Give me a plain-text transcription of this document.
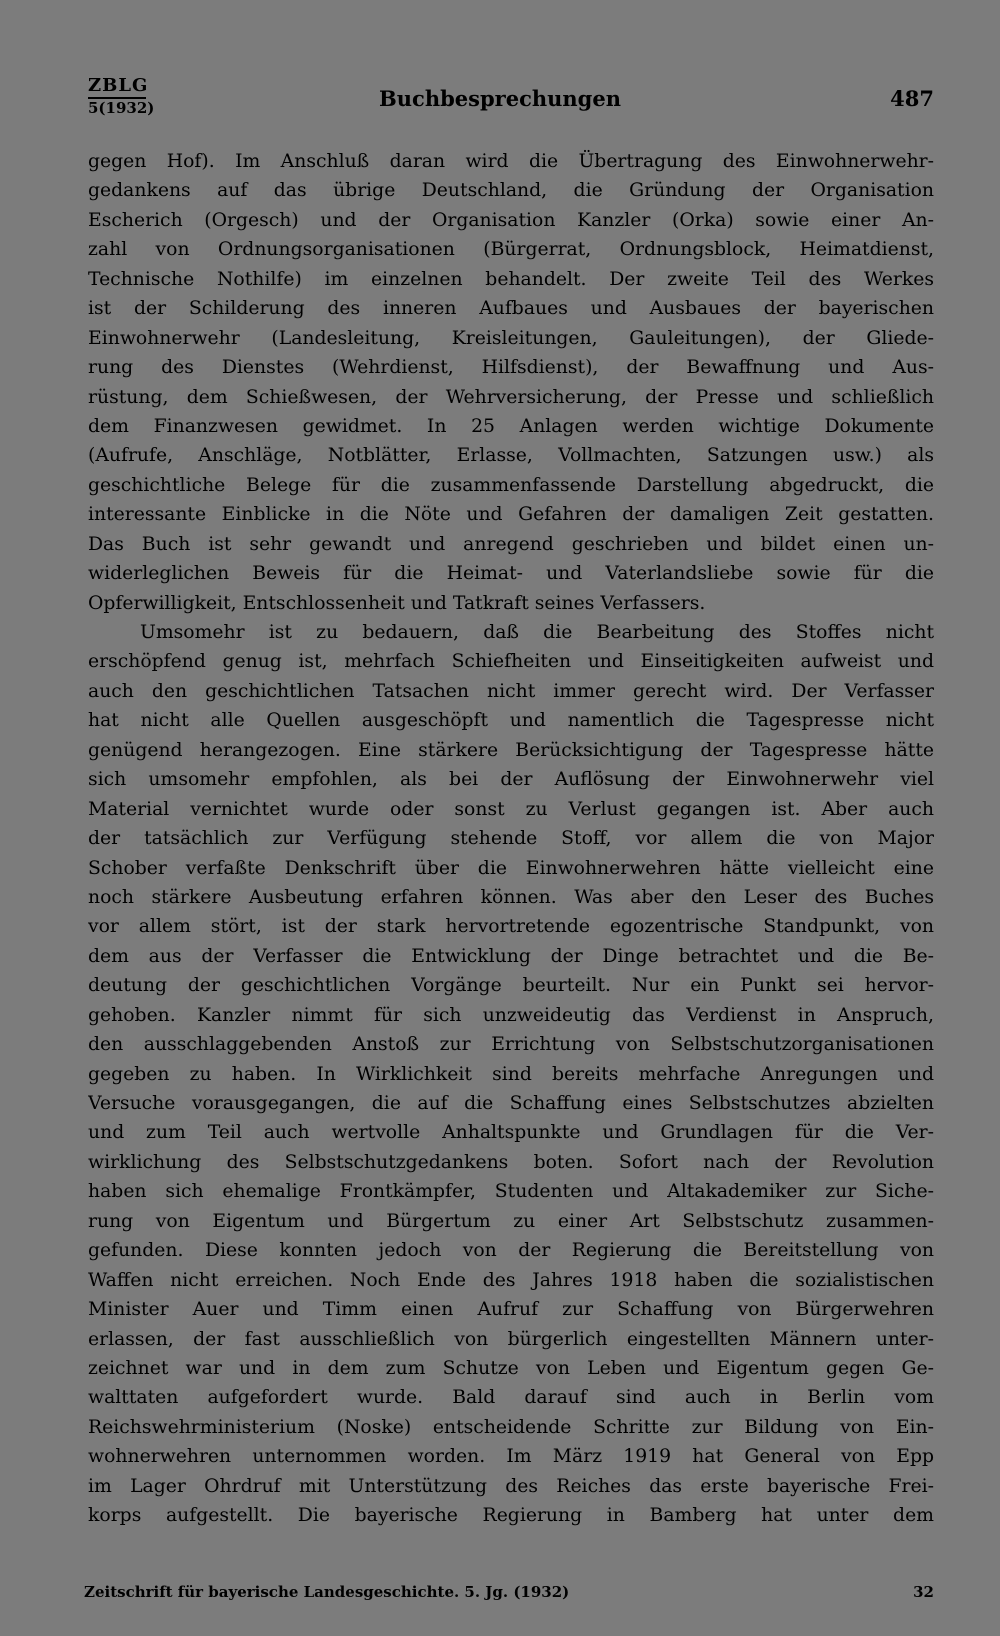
ZBLG
5(1932)	Buchbesprechungen	487
gegen Hof). Im Anschluß daran wird die Übertragung des Einwohnerwehr-
gedankens auf das übrige Deutschland, die Gründung der Organisation
Escherich (Orgesch) und der Organisation Kanzler (Orka) sowie einer An-
zahl von Ordnungsorganisationen (Bürgerrat, Ordnungsblock, Heimatdienst,
Technische Nothilfe) im einzelnen behandelt. Der zweite Teil des Werkes
ist der Schilderung des inneren Aufbaues und Ausbaues der bayerischen
Einwohnerwehr (Landesleitung, Kreisleitungen, Gauleitungen), der Gliede-
rung des Dienstes (Wehrdienst, Hilfsdienst), der Bewaffnung und Aus-
rüstung, dem Schießwesen, der Wehrversicherung, der Presse und schließlich
dem Finanzwesen gewidmet. In 25 Anlagen werden wichtige Dokumente
(Aufrufe, Anschläge, Notblätter, Erlasse, Vollmachten, Satzungen usw.) als
geschichtliche Belege für die zusammenfassende Darstellung abgedruckt, die
interessante Einblicke in die Nöte und Gefahren der damaligen Zeit gestatten.
Das Buch ist sehr gewandt und anregend geschrieben und bildet einen un-
widerleglichen Beweis für die Heimat- und Vaterlandsliebe sowie für die
Opferwilligkeit, Entschlossenheit und Tatkraft seines Verfassers.
Umsomehr ist zu bedauern, daß die Bearbeitung des Stoffes nicht
erschöpfend genug ist, mehrfach Schiefheiten und Einseitigkeiten aufweist und
auch den geschichtlichen Tatsachen nicht immer gerecht wird. Der Verfasser
hat nicht alle Quellen ausgeschöpft und namentlich die Tagespresse nicht
genügend herangezogen. Eine stärkere Berücksichtigung der Tagespresse hätte
sich umsomehr empfohlen, als bei der Auflösung der Einwohnerwehr viel
Material vernichtet wurde oder sonst zu Verlust gegangen ist. Aber auch
der tatsächlich zur Verfügung stehende Stoff, vor allem die von Major
Schober verfaßte Denkschrift über die Einwohnerwehren hätte vielleicht eine
noch stärkere Ausbeutung erfahren können. Was aber den Leser des Buches
vor allem stört, ist der stark hervortretende egozentrische Standpunkt, von
dem aus der Verfasser die Entwicklung der Dinge betrachtet und die Be-
deutung der geschichtlichen Vorgänge beurteilt. Nur ein Punkt sei hervor-
gehoben. Kanzler nimmt für sich unzweideutig das Verdienst in Anspruch,
den ausschlaggebenden Anstoß zur Errichtung von Selbstschutzorganisationen
gegeben zu haben. In Wirklichkeit sind bereits mehrfache Anregungen und
Versuche vorausgegangen, die auf die Schaffung eines Selbstschutzes abzielten
und zum Teil auch wertvolle Anhaltspunkte und Grundlagen für die Ver-
wirklichung des Selbstschutzgedankens boten. Sofort nach der Revolution
haben sich ehemalige Frontkämpfer, Studenten und Altakademiker zur Siche-
rung von Eigentum und Bürgertum zu einer Art Selbstschutz zusammen-
gefunden. Diese konnten jedoch von der Regierung die Bereitstellung von
Waffen nicht erreichen. Noch Ende des Jahres 1918 haben die sozialistischen
Minister Auer und Timm einen Aufruf zur Schaffung von Bürgerwehren
erlassen, der fast ausschließlich von bürgerlich eingestellten Männern unter-
zeichnet war und in dem zum Schutze von Leben und Eigentum gegen Ge-
walttaten aufgefordert wurde. Bald darauf sind auch in Berlin vom
Reichswehrministerium (Noske) entscheidende Schritte zur Bildung von Ein-
wohnerwehren unternommen worden. Im März 1919 hat General von Epp
im Lager Ohrdruf mit Unterstützung des Reiches das erste bayerische Frei-
korps aufgestellt. Die bayerische Regierung in Bamberg hat unter dem
Zeitschrift für bayerische Landesgeschichte. 5. Jg. (1932)	32
